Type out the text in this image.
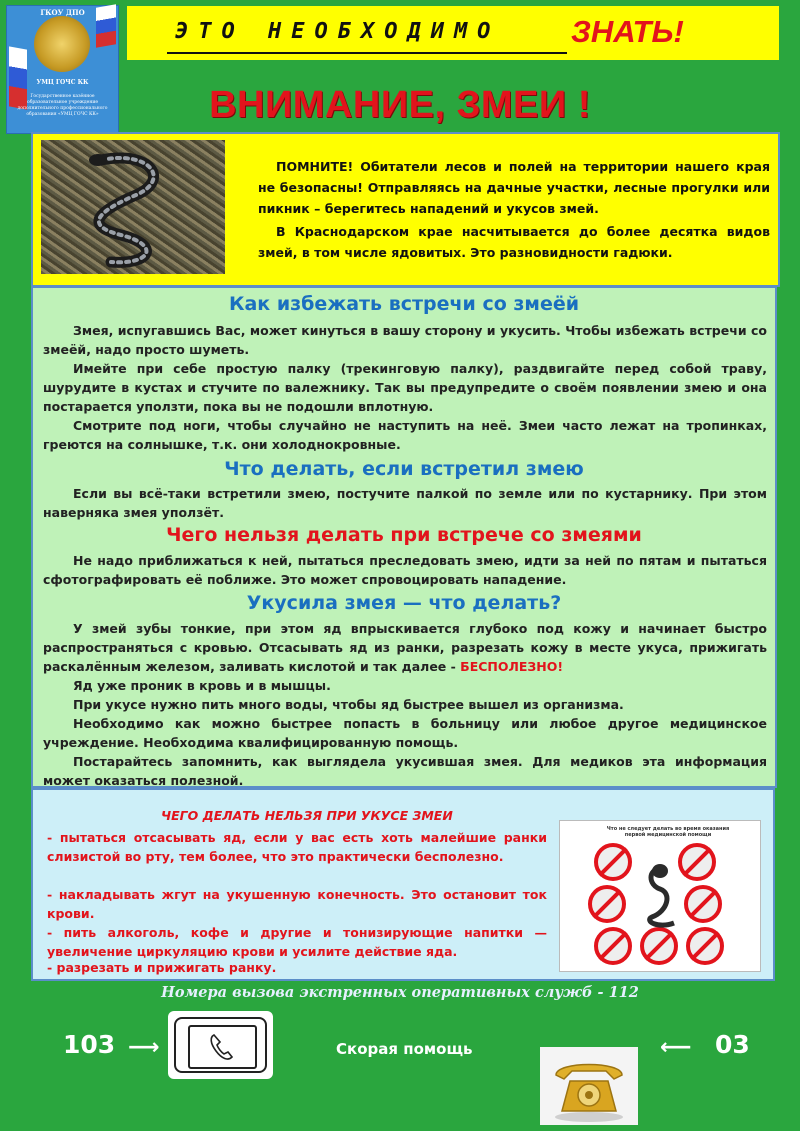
ГКОУ ДПО
УМЦ ГОЧС КК
Государственное казённое образовательное учреждение дополнительного профессионального образования «УМЦ ГОЧС КК»
ЭТО НЕОБХОДИМО ЗНАТЬ!
ВНИМАНИЕ, ЗМЕИ !
ПОМНИТЕ! Обитатели лесов и полей на территории нашего края не безопасны! Отправляясь на дачные участки, лесные прогулки или пикник – берегитесь нападений и укусов змей.
В Краснодарском крае насчитывается до более десятка видов змей, в том числе ядовитых. Это разновидности гадюки.
Как избежать встречи со змеёй
Змея, испугавшись Вас, может кинуться в вашу сторону и укусить. Чтобы избежать встречи со змеёй, надо просто шуметь.
Имейте при себе простую палку (трекинговую палку), раздвигайте перед собой траву, шурудите в кустах и стучите по валежнику. Так вы предупредите о своём появлении змею и она постарается уползти, пока вы не подошли вплотную.
Смотрите под ноги, чтобы случайно не наступить на неё. Змеи часто лежат на тропинках, греются на солнышке, т.к. они холоднокровные.
Что делать, если встретил змею
Если вы всё-таки встретили змею, постучите палкой по земле или по кустарнику. При этом наверняка змея уползёт.
Чего нельзя делать при встрече со змеями
Не надо приближаться к ней, пытаться преследовать змею, идти за ней по пятам и пытаться сфотографировать её поближе. Это может спровоцировать нападение.
Укусила змея — что делать?
У змей зубы тонкие, при этом яд впрыскивается глубоко под кожу и начинает быстро распространяться с кровью. Отсасывать яд из ранки, разрезать кожу в месте укуса, прижигать раскалённым железом, заливать кислотой и так далее - БЕСПОЛЕЗНО!
Яд уже проник в кровь и в мышцы.
При укусе нужно пить много воды, чтобы яд быстрее вышел из организма.
Необходимо как можно быстрее попасть в больницу или любое другое медицинское учреждение. Необходима квалифицированную помощь.
Постарайтесь запомнить, как выглядела укусившая змея. Для медиков эта информация может оказаться полезной.
ЧЕГО ДЕЛАТЬ НЕЛЬЗЯ ПРИ УКУСЕ ЗМЕИ
- пытаться отсасывать яд, если у вас есть хоть малейшие ранки слизистой во рту, тем более, что это практически бесполезно.
- накладывать жгут на укушенную конечность. Это остановит ток крови.
- пить алкоголь, кофе и другие и тонизирующие напитки — увеличение циркуляцию крови и усилите действие яда.
- разрезать и прижигать ранку.
Что не следует делать во время оказания первой медицинской помощи
Номера вызова экстренных оперативных служб - 112
103 ⟶	Скорая помощь	⟵ 03
